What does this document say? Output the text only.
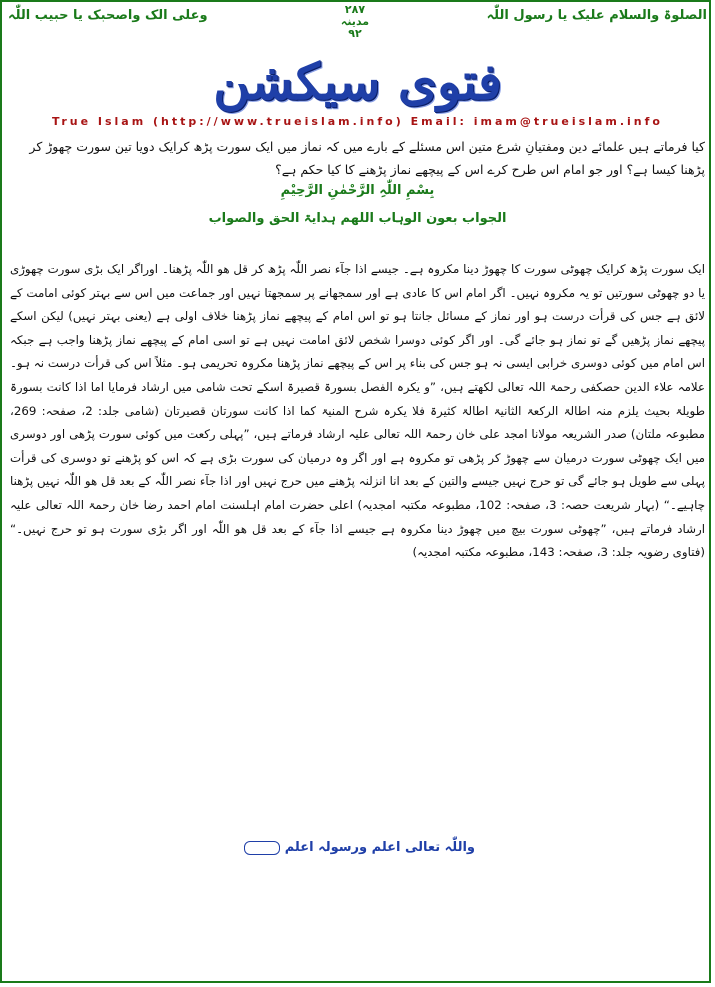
الصلوۃ والسلام علیک یا رسول اللّٰہ
وعلی الک واصحبک یا حبیب اللّٰہ	۲۸۷
مدینہ
۹۲
فتوی سیکشن
True Islam (http://www.trueislam.info) Email: imam@trueislam.info
کیا فرماتے ہیں علمائے دین ومفتیانِ شرع متین اس مسئلے کے بارے میں کہ نماز میں ایک سورت پڑھ کرایک دویا تین سورت چھوڑ کر پڑھنا کیسا ہے؟ اور جو امام اس طرح کرے اس کے پیچھے نماز پڑھنے کا کیا حکم ہے؟
بِسْمِ اللّٰہِ الرَّحْمٰنِ الرَّحِیْمِ
الجواب بعون الوہاب اللھم ہدایۃ الحق والصواب

ایک سورت پڑھ کرایک چھوٹی سورت کا چھوڑ دینا مکروہ ہے۔ جیسے اذا جآء نصر اللّٰہ پڑھ کر قل ھو اللّٰہ پڑھنا۔ اوراگر ایک بڑی سورت چھوڑی یا دو چھوٹی سورتیں تو یہ مکروہ نہیں۔ اگر امام اس کا عادی ہے اور سمجھانے پر سمجھتا نہیں اور جماعت میں اس سے بہتر کوئی امامت کے لائق ہے جس کی قرأت درست ہو اور نماز کے مسائل جانتا ہو تو اس امام کے پیچھے نماز پڑھنا خلاف اولی ہے (یعنی بہتر نہیں) لیکن اسکے پیچھے نماز پڑھیں گے تو نماز ہو جائے گی۔ اور اگر کوئی دوسرا شخص لائق امامت نہیں ہے تو اسی امام کے پیچھے نماز پڑھنا واجب ہے جبکہ اس امام میں کوئی دوسری خرابی ایسی نہ ہو جس کی بناء پر اس کے پیچھے نماز پڑھنا مکروہ تحریمی ہو۔ مثلاً اس کی قرأت درست نہ ہو۔ علامہ علاء الدین حصکفی رحمۃ اللہ تعالی لکھتے ہیں، ”و یکرہ الفصل بسورۃ قصیرۃ اسکے تحت شامی میں ارشاد فرمایا اما اذا کانت بسورۃ طویلۃ بحیث یلزم منہ اطالۃ الرکعۃ الثانیۃ اطالۃ کثیرۃ فلا یکرہ شرح المنیۃ کما اذا کانت سورتان قصیرتان (شامی جلد: 2، صفحہ: 269، مطبوعہ ملتان) صدر الشریعہ مولانا امجد علی خان رحمۃ اللہ تعالی علیہ ارشاد فرماتے ہیں، ”پہلی رکعت میں کوئی سورت پڑھی اور دوسری میں ایک چھوٹی سورت درمیان سے چھوڑ کر پڑھی تو مکروہ ہے اور اگر وہ درمیان کی سورت بڑی ہے کہ اس کو پڑھنے تو دوسری کی قرأت پہلی سے طویل ہو جائے گی تو حرج نہیں جیسے والتین کے بعد انا انزلنہ پڑھنے میں حرج نہیں اور اذا جآء نصر اللّٰہ کے بعد قل ھو اللّٰہ نہیں پڑھنا چاہیے۔“ (بہار شریعت حصہ: 3، صفحہ: 102، مطبوعہ مکتبہ امجدیہ) اعلی حضرت امام اہلسنت امام احمد رضا خان رحمۃ اللہ تعالی علیہ ارشاد فرماتے ہیں، ”چھوٹی سورت بیچ میں چھوڑ دینا مکروہ ہے جیسے اذا جآء کے بعد قل ھو اللّٰہ اور اگر بڑی سورت ہو تو حرج نہیں۔“ (فتاوی رضویہ جلد: 3، صفحہ: 143، مطبوعہ مکتبہ امجدیہ)

واللّٰہ تعالی اعلم ورسولہ اعلم
